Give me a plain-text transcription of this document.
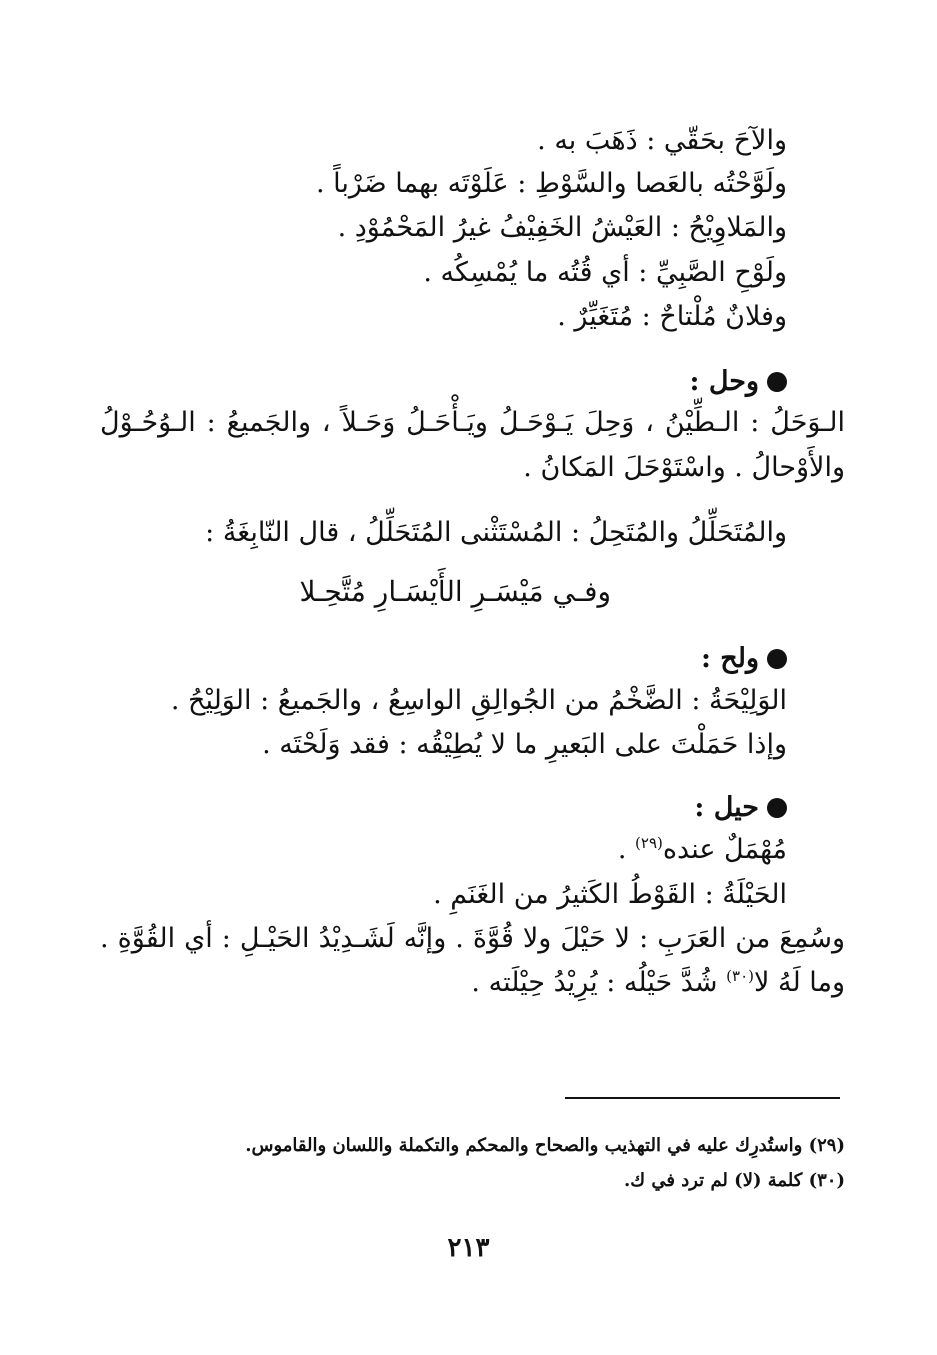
والآحَ بحَقّي : ذَهَبَ به .
ولَوَّحْتُه بالعَصا والسَّوْطِ : عَلَوْتَه بهما ضَرْباً .
والمَلاوِيْحُ : العَيْشُ الخَفِيْفُ غيرُ المَحْمُوْدِ .
ولَوْحِ الصَّبِيِّ : أي قُتُه ما يُمْسِكُه .
وفلانٌ مُلْتاحٌ : مُتَغَيِّرٌ .
وحل :
الـوَحَلُ : الـطِّيْنُ ، وَحِلَ يَـوْحَـلُ ويَـأْحَـلُ وَحَـلاً ، والجَميعُ : الـوُحُـوْلُ
والأَوْحالُ . واسْتَوْحَلَ المَكانُ .
والمُتَحَلِّلُ والمُتَحِلُ : المُسْتَثْنى المُتَحَلِّلُ ، قال النّابِغَةُ :
وفـي مَيْسَـرِ الأَيْسَـارِ مُتَّحِـلا
ولح :
الوَلِيْحَةُ : الضَّخْمُ من الجُوالِقِ الواسِعُ ، والجَميعُ : الوَلِيْحُ .
وإذا حَمَلْتَ على البَعيرِ ما لا يُطِيْقُه : فقد وَلَحْتَه .
حيل :
مُهْمَلٌ عنده$^{(٢٩)}$ .
الحَيْلَةُ : القَوْطُ الكَثيرُ من الغَنَمِ .
وسُمِعَ من العَرَبِ : لا حَيْلَ ولا قُوَّةَ . وإنَّه لَشَـدِيْدُ الحَيْـلِ : أي القُوَّةِ .
وما لَهُ لا$^{(٣٠)}$ شُدَّ حَيْلُه : يُرِيْدُ حِيْلَته .
(٢٩) واستُدرِك عليه في التهذيب والصحاح والمحكم والتكملة واللسان والقاموس.
(٣٠) كلمة (لا) لم ترد في ك.
٢١٣
